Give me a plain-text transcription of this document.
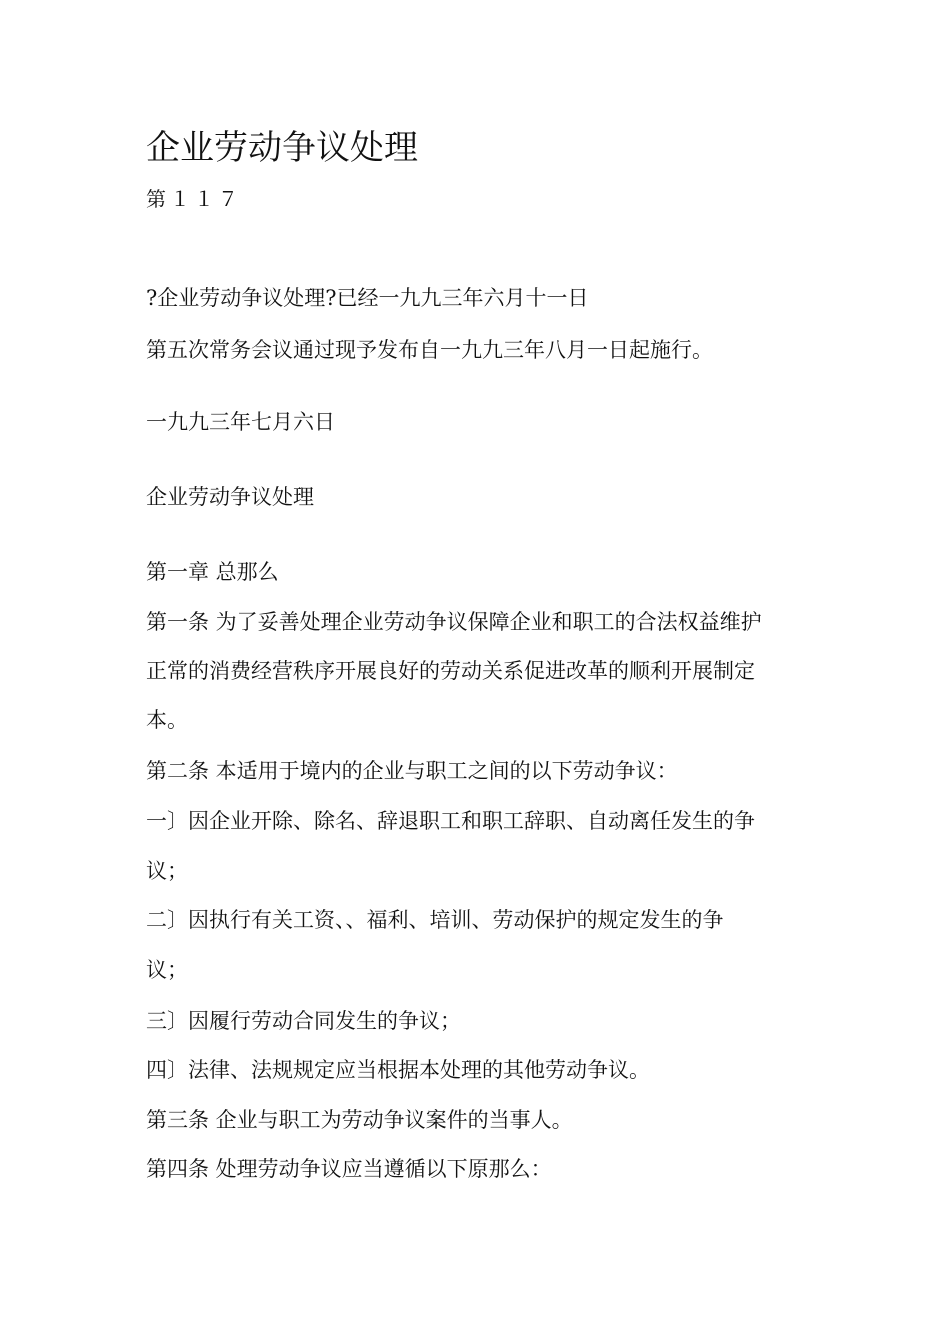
企业劳动争议处理
第１１７

?企业劳动争议处理?已经一九九三年六月十一日

第五次常务会议通过现予发布自一九九三年八月一日起施行。

一九九三年七月六日

企业劳动争议处理

第一章 总那么

第一条 为了妥善处理企业劳动争议保障企业和职工的合法权益维护

正常的消费经营秩序开展良好的劳动关系促进改革的顺利开展制定

本。

第二条 本适用于境内的企业与职工之间的以下劳动争议：

一〕因企业开除、除名、辞退职工和职工辞职、自动离任发生的争

议；

二〕因执行有关工资、、福利、培训、劳动保护的规定发生的争

议；

三〕因履行劳动合同发生的争议；

四〕法律、法规规定应当根据本处理的其他劳动争议。

第三条 企业与职工为劳动争议案件的当事人。

第四条 处理劳动争议应当遵循以下原那么：
